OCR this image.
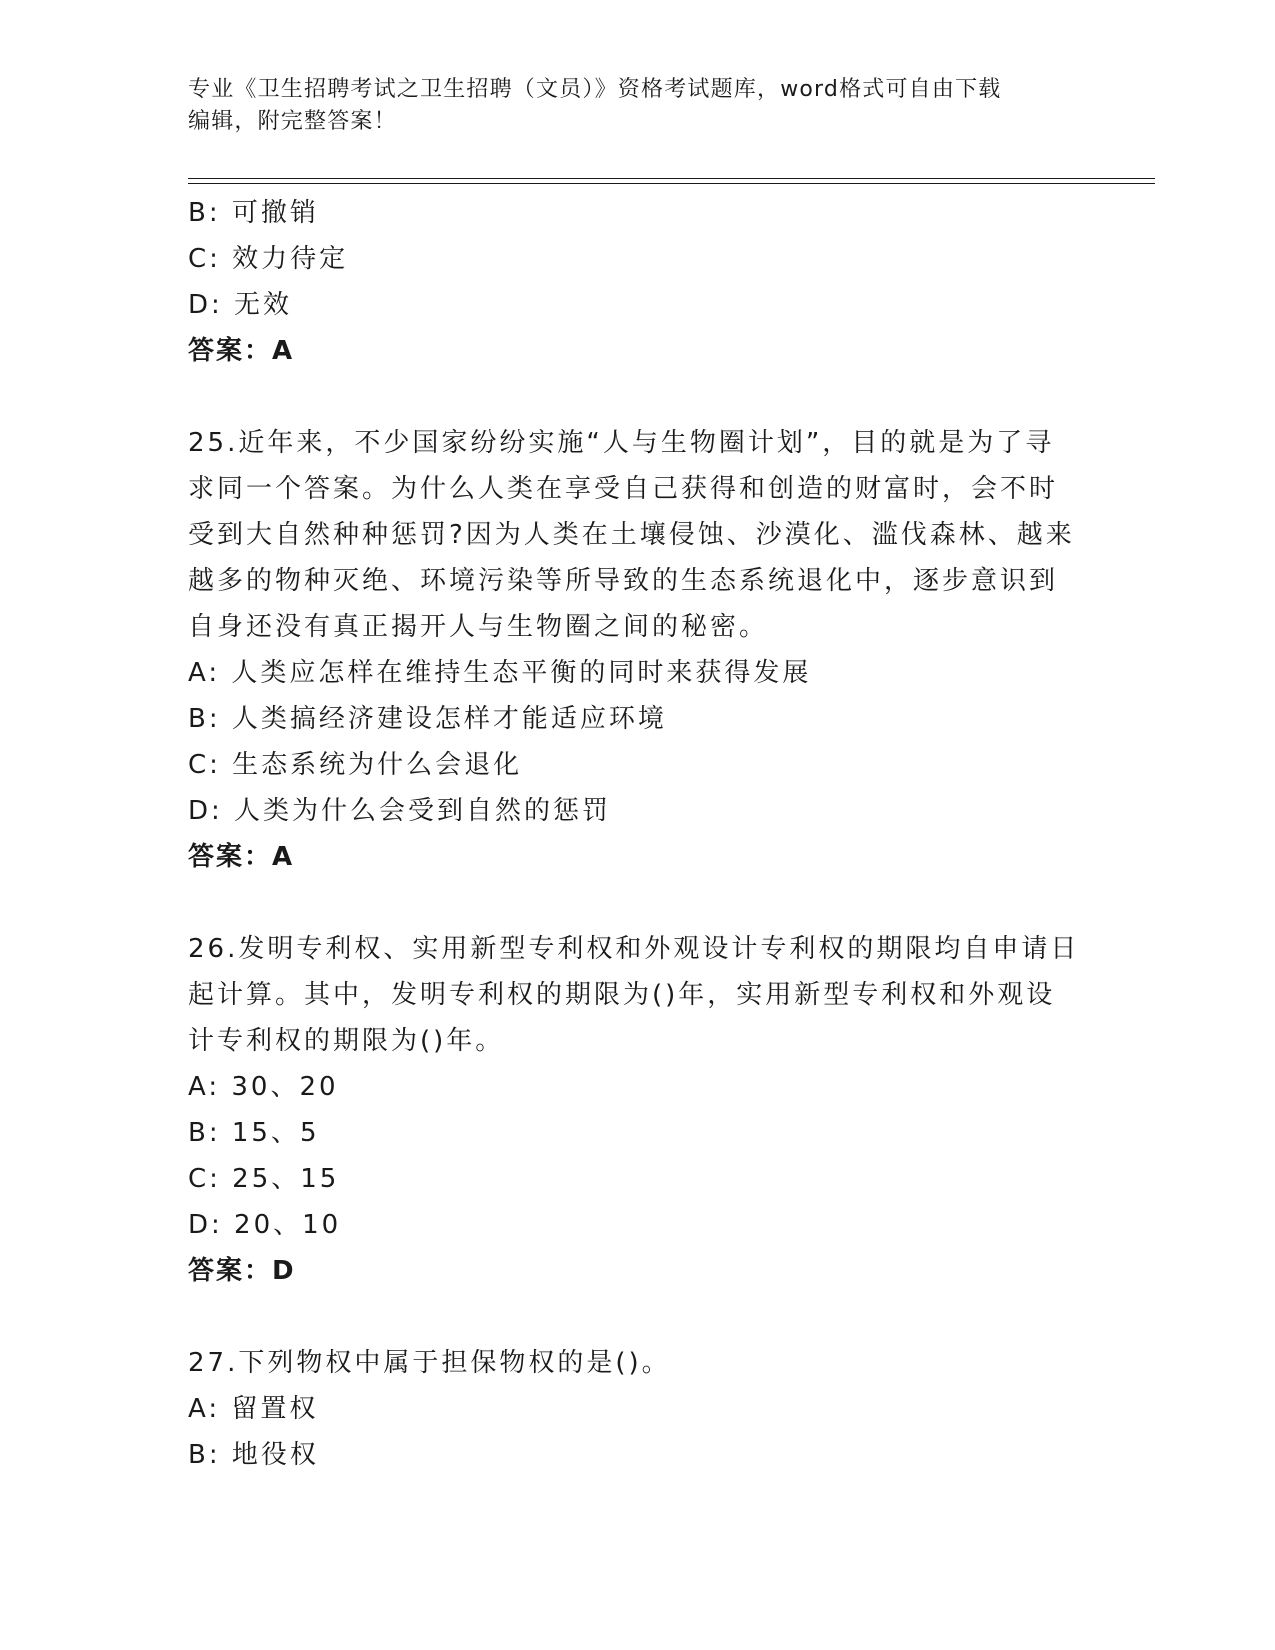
专业《卫生招聘考试之卫生招聘（文员）》资格考试题库，word格式可自由下载
编辑，附完整答案！
B: 可撤销
C: 效力待定
D: 无效
答案：A
25.近年来，不少国家纷纷实施“人与生物圈计划”，目的就是为了寻
求同一个答案。为什么人类在享受自己获得和创造的财富时，会不时
受到大自然种种惩罚?因为人类在土壤侵蚀、沙漠化、滥伐森林、越来
越多的物种灭绝、环境污染等所导致的生态系统退化中，逐步意识到
自身还没有真正揭开人与生物圈之间的秘密。
A: 人类应怎样在维持生态平衡的同时来获得发展
B: 人类搞经济建设怎样才能适应环境
C: 生态系统为什么会退化
D: 人类为什么会受到自然的惩罚
答案：A
26.发明专利权、实用新型专利权和外观设计专利权的期限均自申请日
起计算。其中，发明专利权的期限为()年，实用新型专利权和外观设
计专利权的期限为()年。
A: 30、20
B: 15、5
C: 25、15
D: 20、10
答案：D
27.下列物权中属于担保物权的是()。
A: 留置权
B: 地役权
